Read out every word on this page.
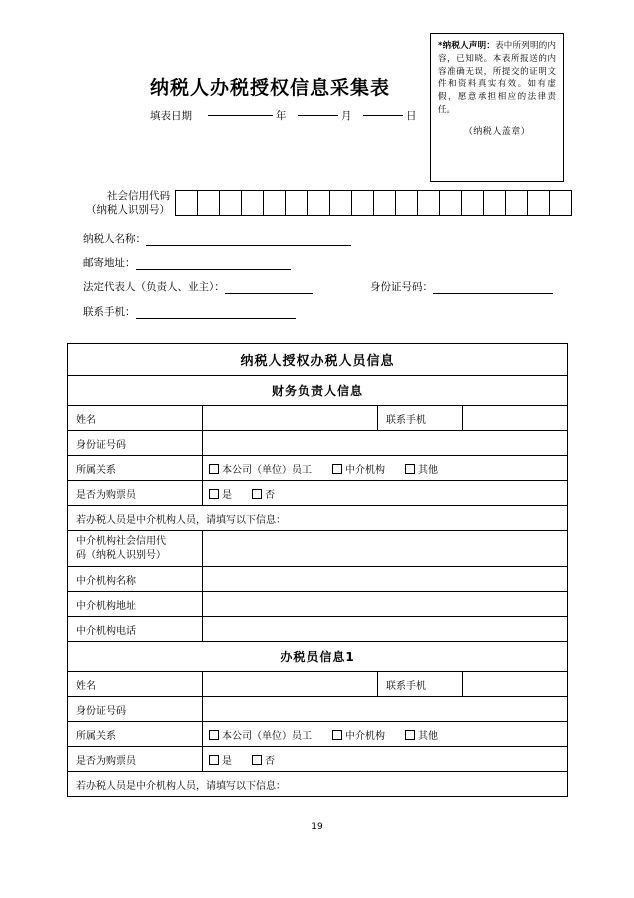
*纳税人声明：表中所列明的内容，已知晓。本表所报送的内容准确无误，所提交的证明文件和资料真实有效。如有虚假，愿意承担相应的法律责任。
（纳税人盖章）
纳税人办税授权信息采集表
填表日期	年	月	日
社会信用代码
（纳税人识别号）
纳税人名称：
邮寄地址：
法定代表人（负责人、业主）：	身份证号码：
联系手机：
纳税人授权办税人员信息			
财务负责人信息			
姓名		联系手机	
身份证号码			
所属关系	本公司（单位）员工 中介机构 其他		
是否为购票员	是 否		
若办税人员是中介机构人员，请填写以下信息：			

中介机构社会信用代
码（纳税人识别号）			

中介机构名称			
中介机构地址			
中介机构电话			
办税员信息1			
姓名		联系手机	
身份证号码			
所属关系	本公司（单位）员工 中介机构 其他		
是否为购票员	是 否		
若办税人员是中介机构人员，请填写以下信息：			
19
